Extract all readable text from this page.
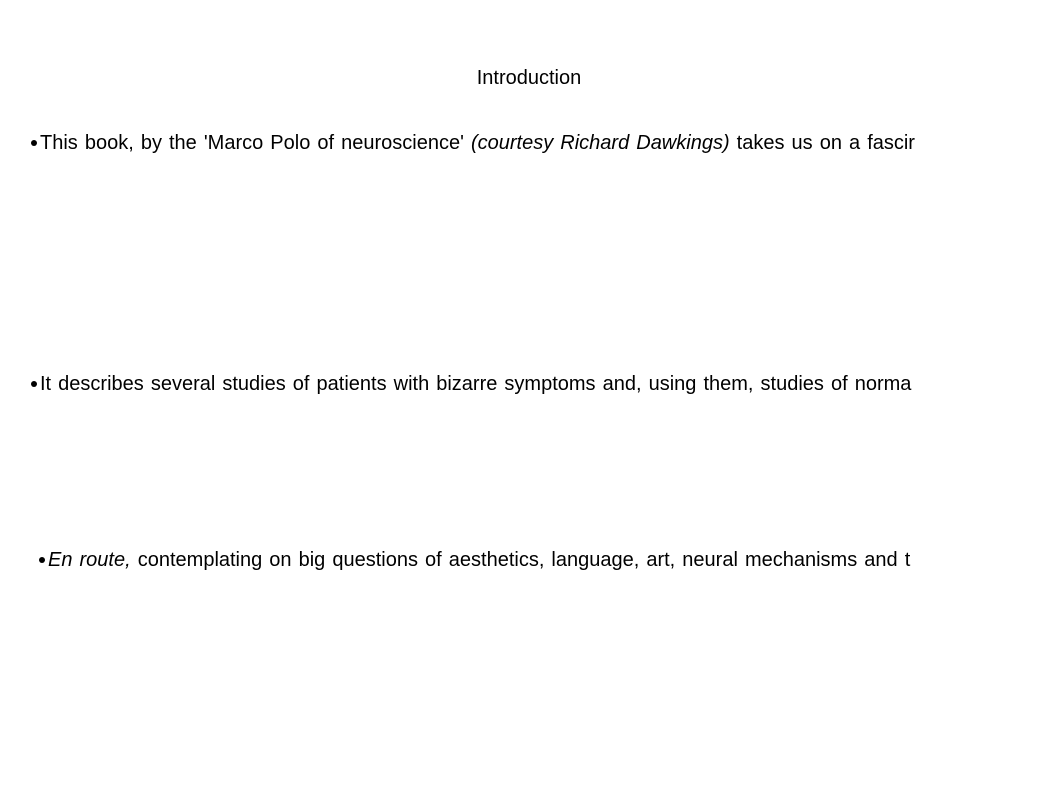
Introduction
This book, by the 'Marco Polo of neuroscience' (courtesy Richard Dawkings) takes us on a fascir
It describes several studies of patients with bizarre symptoms and, using them, studies of norma
En route, contemplating on big questions of aesthetics, language, art, neural mechanisms and t
